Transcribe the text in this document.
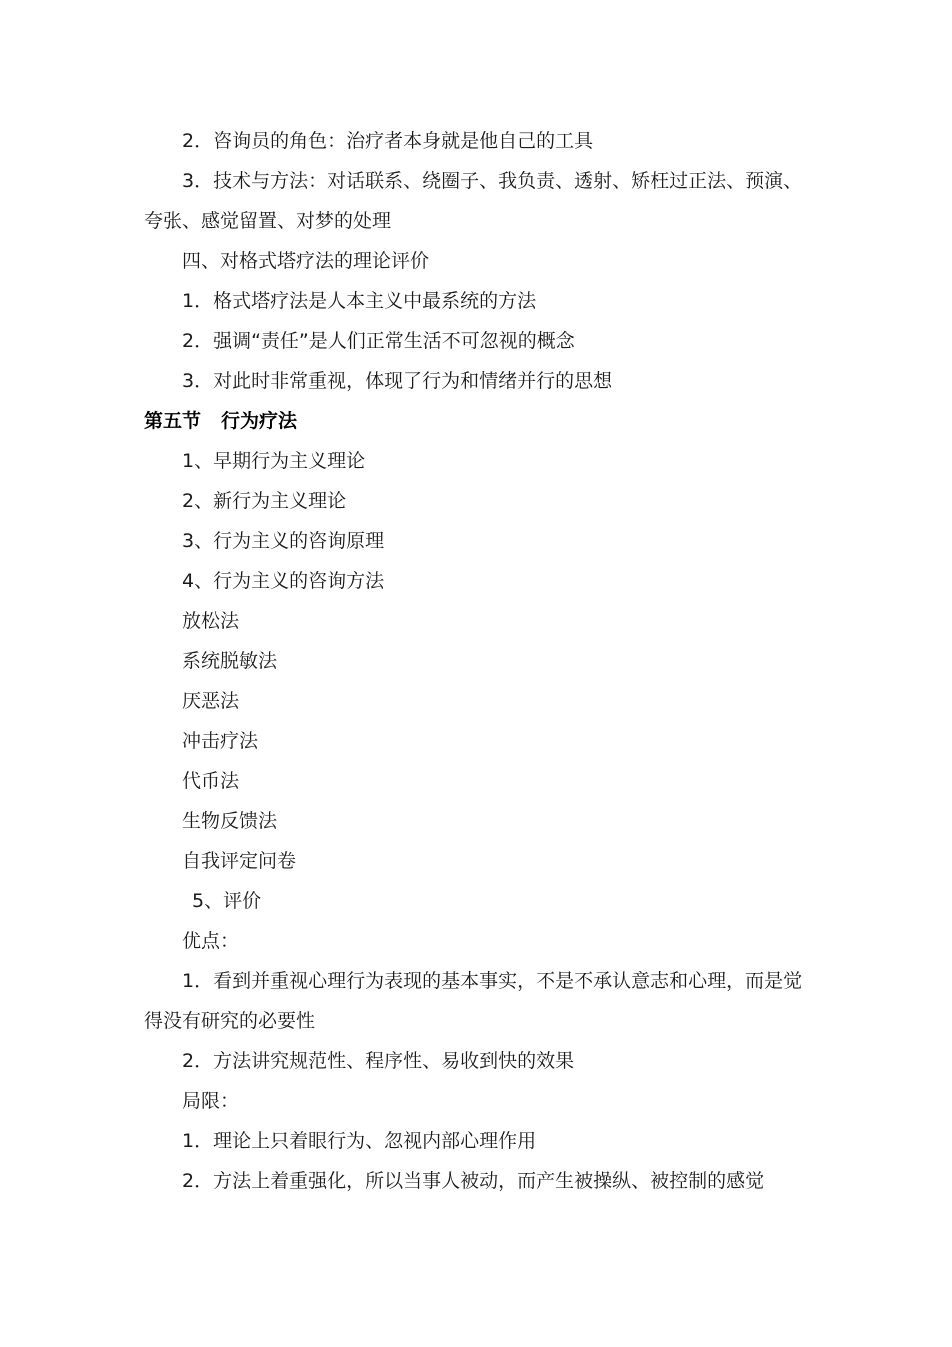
2．咨询员的角色：治疗者本身就是他自己的工具

3．技术与方法：对话联系、绕圈子、我负责、透射、矫枉过正法、预演、夸张、感觉留置、对梦的处理

四、对格式塔疗法的理论评价

1．格式塔疗法是人本主义中最系统的方法

2．强调“责任”是人们正常生活不可忽视的概念

3．对此时非常重视，体现了行为和情绪并行的思想

第五节 行为疗法

1、早期行为主义理论

2、新行为主义理论

3、行为主义的咨询原理

4、行为主义的咨询方法

放松法

系统脱敏法

厌恶法

冲击疗法

代币法

生物反馈法

自我评定问卷

5、评价

优点：

1．看到并重视心理行为表现的基本事实，不是不承认意志和心理，而是觉得没有研究的必要性

2．方法讲究规范性、程序性、易收到快的效果

局限：

1．理论上只着眼行为、忽视内部心理作用

2．方法上着重强化，所以当事人被动，而产生被操纵、被控制的感觉
